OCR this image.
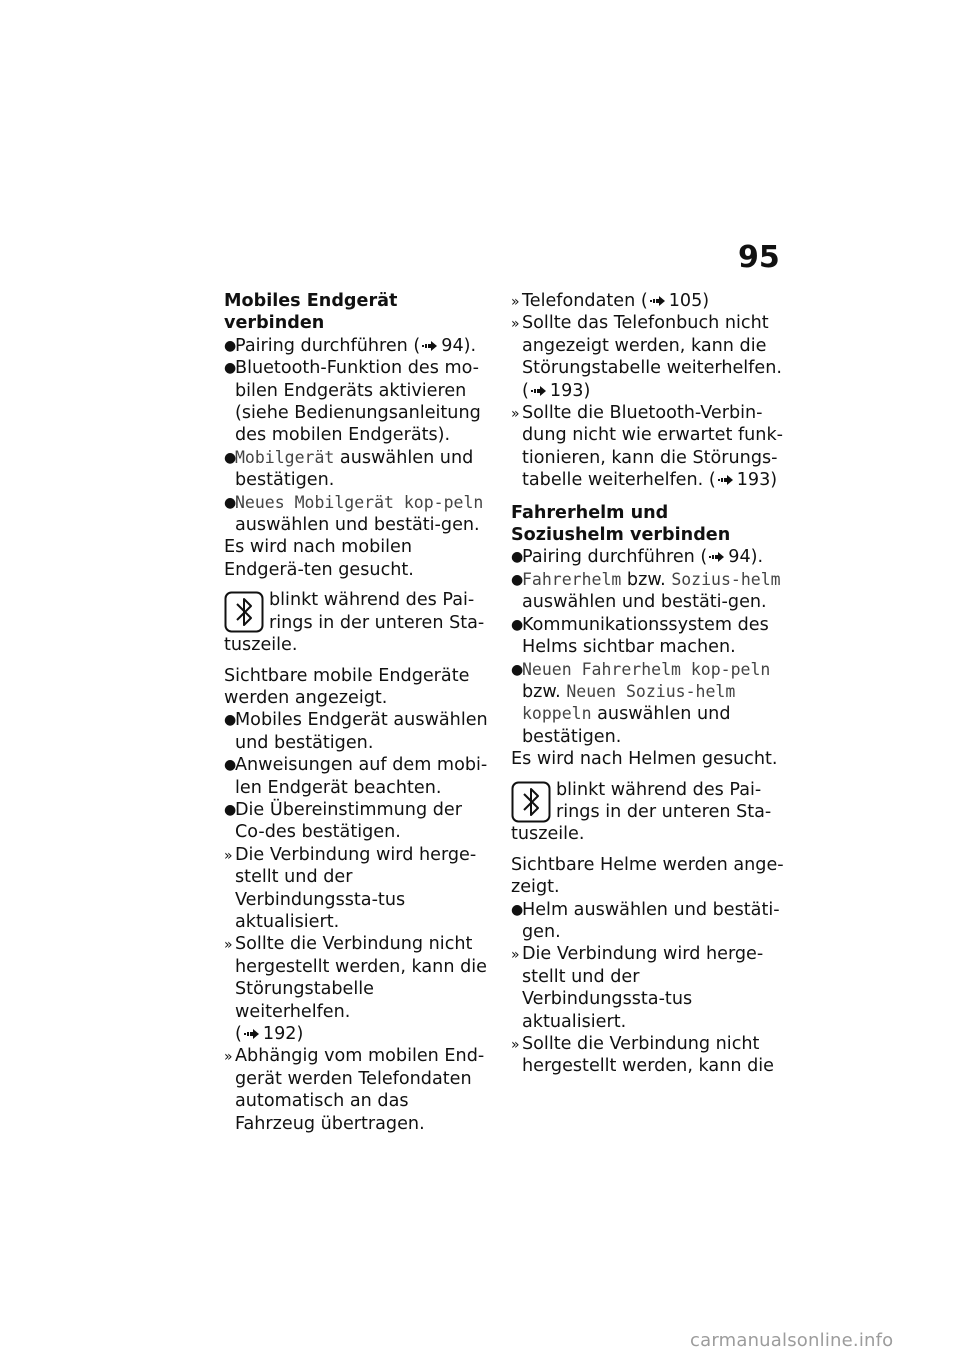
95
Mobiles Endgerät verbinden
●
Pairing durchführen ( 94).
●
Bluetooth-Funktion des mo-bilen Endgeräts aktivieren (siehe Bedienungsanleitung des mobilen Endgeräts).
●
Mobilgerät auswählen und bestätigen.
●
Neues Mobilgerät kop-peln auswählen und bestäti-gen.
Es wird nach mobilen Endgerä-ten gesucht.
blinkt während des Pai-rings in der unteren Sta-tuszeile.
Sichtbare mobile Endgeräte werden angezeigt.
●
Mobiles Endgerät auswählen und bestätigen.
●
Anweisungen auf dem mobi-len Endgerät beachten.
●
Die Übereinstimmung der Co-des bestätigen.
» Die Verbindung wird herge-stellt und der Verbindungssta-tus aktualisiert.
» Sollte die Verbindung nicht hergestellt werden, kann die Störungstabelle weiterhelfen.
( 192)
» Abhängig vom mobilen End-gerät werden Telefondaten automatisch an das Fahrzeug übertragen.
» Telefondaten ( 105)
» Sollte das Telefonbuch nicht angezeigt werden, kann die Störungstabelle weiterhelfen.
( 193)
» Sollte die Bluetooth-Verbin-dung nicht wie erwartet funk-tionieren, kann die Störungs-tabelle weiterhelfen. ( 193)
Fahrerhelm und Soziushelm verbinden
●
Pairing durchführen ( 94).
●
Fahrerhelm bzw. Sozius-helm auswählen und bestäti-gen.
●
Kommunikationssystem des Helms sichtbar machen.
●
Neuen Fahrerhelm kop-peln bzw. Neuen Sozius-helm koppeln auswählen und bestätigen.
Es wird nach Helmen gesucht.
blinkt während des Pai-rings in der unteren Sta-tuszeile.
Sichtbare Helme werden ange-zeigt.
●
Helm auswählen und bestäti-gen.
» Die Verbindung wird herge-stellt und der Verbindungssta-tus aktualisiert.
» Sollte die Verbindung nicht hergestellt werden, kann die
carmanualsonline.info
